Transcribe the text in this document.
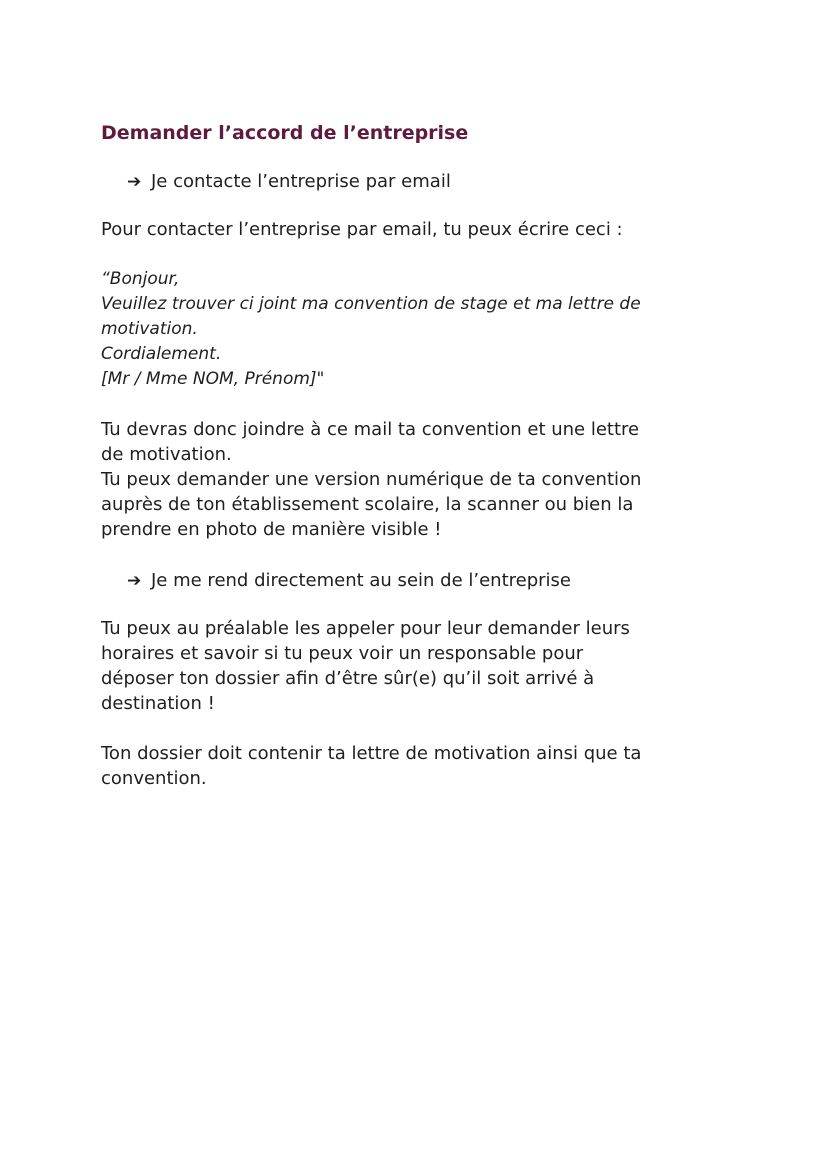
Demander l’accord de l’entreprise
➔ Je contacte l’entreprise par email
Pour contacter l’entreprise par email, tu peux écrire ceci :
“Bonjour,
Veuillez trouver ci joint ma convention de stage et ma lettre de
motivation.
Cordialement.
[Mr / Mme NOM, Prénom]"
Tu devras donc joindre à ce mail ta convention et une lettre
de motivation.
Tu peux demander une version numérique de ta convention
auprès de ton établissement scolaire, la scanner ou bien la
prendre en photo de manière visible !
➔ Je me rend directement au sein de l’entreprise
Tu peux au préalable les appeler pour leur demander leurs
horaires et savoir si tu peux voir un responsable pour
déposer ton dossier afin d’être sûr(e) qu’il soit arrivé à
destination !
Ton dossier doit contenir ta lettre de motivation ainsi que ta
convention.
